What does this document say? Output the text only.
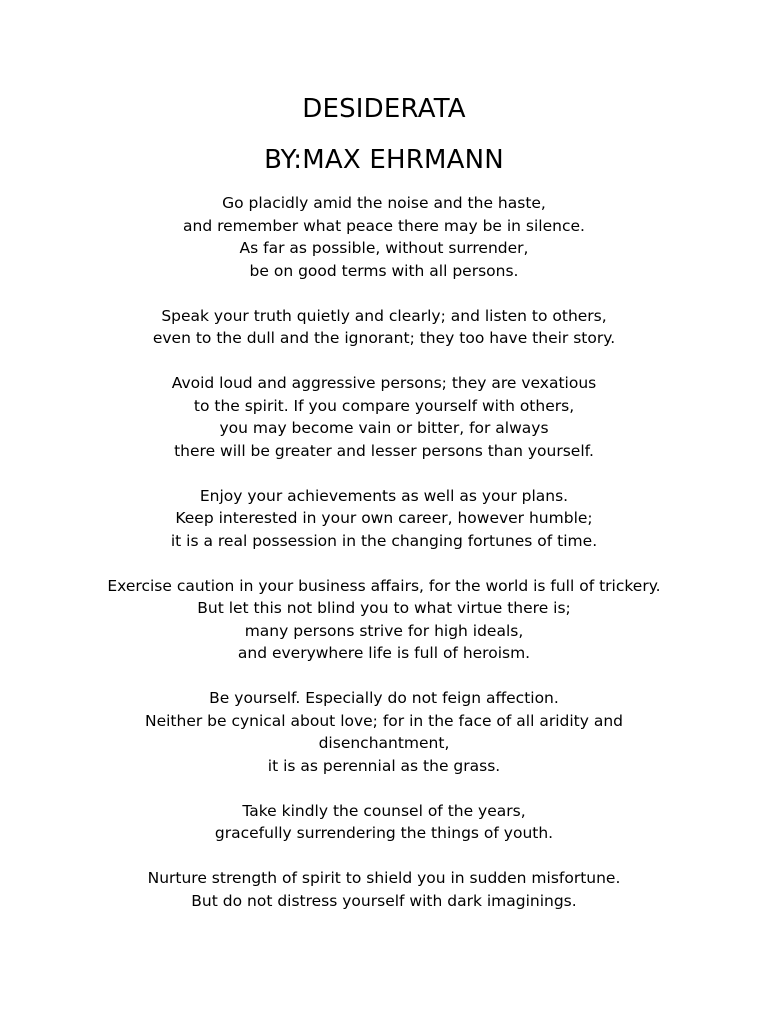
DESIDERATA
BY:MAX EHRMANN
Go placidly amid the noise and the haste,
and remember what peace there may be in silence.
As far as possible, without surrender,
be on good terms with all persons.
Speak your truth quietly and clearly; and listen to others,
even to the dull and the ignorant; they too have their story.
Avoid loud and aggressive persons; they are vexatious
to the spirit. If you compare yourself with others,
you may become vain or bitter, for always
there will be greater and lesser persons than yourself.
Enjoy your achievements as well as your plans.
Keep interested in your own career, however humble;
it is a real possession in the changing fortunes of time.
Exercise caution in your business affairs, for the world is full of trickery.
But let this not blind you to what virtue there is;
many persons strive for high ideals,
and everywhere life is full of heroism.
Be yourself. Especially do not feign affection.
Neither be cynical about love; for in the face of all aridity and
disenchantment,
it is as perennial as the grass.
Take kindly the counsel of the years,
gracefully surrendering the things of youth.
Nurture strength of spirit to shield you in sudden misfortune.
But do not distress yourself with dark imaginings.
